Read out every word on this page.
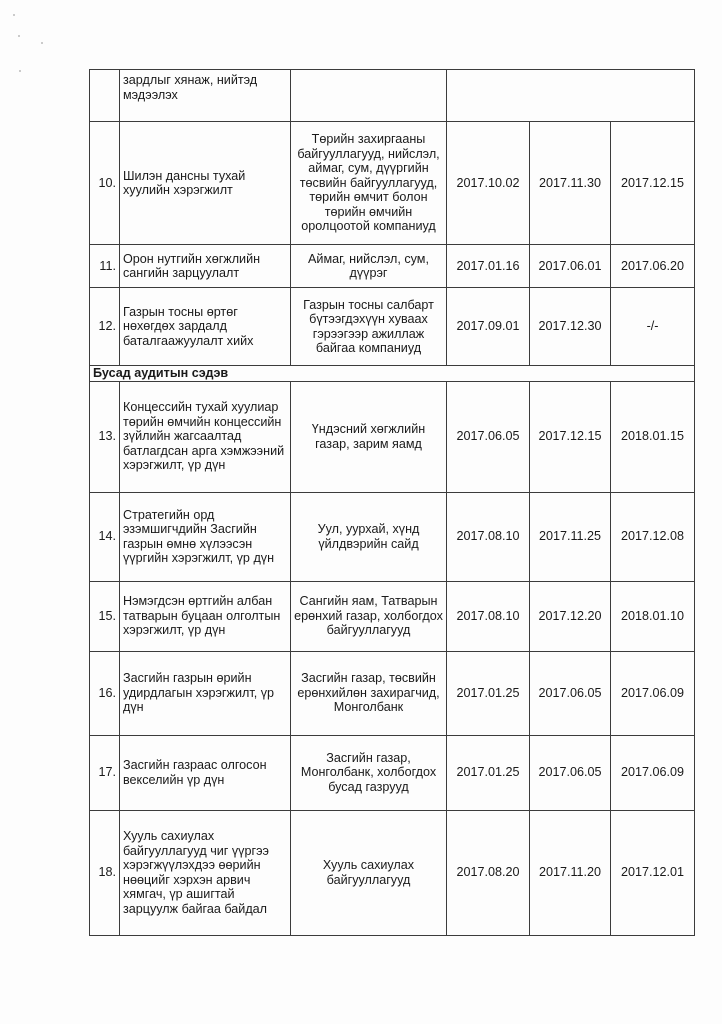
	зардлыг хянаж, нийтэд мэдээлэх				
10.	Шилэн дансны тухай хуулийн хэрэгжилт	Төрийн захиргааны байгууллагууд, нийслэл, аймаг, сум, дүүргийн төсвийн байгууллагууд, төрийн өмчит болон төрийн өмчийн оролцоотой компаниуд	2017.10.02	2017.11.30	2017.12.15
11.	Орон нутгийн хөгжлийн сангийн зарцуулалт	Аймаг, нийслэл, сум, дүүрэг	2017.01.16	2017.06.01	2017.06.20
12.	Газрын тосны өртөг нөхөгдөх зардалд баталгаажуулалт хийх	Газрын тосны салбарт бүтээгдэхүүн хуваах гэрээгээр ажиллаж байгаа компаниуд	2017.09.01	2017.12.30	-/-
Бусад аудитын сэдэв					
13.	Концессийн тухай хуулиар төрийн өмчийн концессийн зүйлийн жагсаалтад батлагдсан арга хэмжээний хэрэгжилт, үр дүн	Үндэсний хөгжлийн газар, зарим яамд	2017.06.05	2017.12.15	2018.01.15
14.	Стратегийн орд эзэмшигчдийн Засгийн газрын өмнө хүлээсэн үүргийн хэрэгжилт, үр дүн	Уул, уурхай, хүнд үйлдвэрийн сайд	2017.08.10	2017.11.25	2017.12.08
15.	Нэмэгдсэн өртгийн албан татварын буцаан олголтын хэрэгжилт, үр дүн	Сангийн яам, Татварын ерөнхий газар, холбогдох байгууллагууд	2017.08.10	2017.12.20	2018.01.10
16.	Засгийн газрын өрийн удирдлагын хэрэгжилт, үр дүн	Засгийн газар, төсвийн ерөнхийлөн захирагчид, Монголбанк	2017.01.25	2017.06.05	2017.06.09
17.	Засгийн газраас олгосон векселийн үр дүн	Засгийн газар, Монголбанк, холбогдох бусад газрууд	2017.01.25	2017.06.05	2017.06.09
18.	Хууль сахиулах байгууллагууд чиг үүргээ хэрэгжүүлэхдээ өөрийн нөөцийг хэрхэн арвич хямгач, үр ашигтай зарцуулж байгаа байдал	Хууль сахиулах байгууллагууд	2017.08.20	2017.11.20	2017.12.01
